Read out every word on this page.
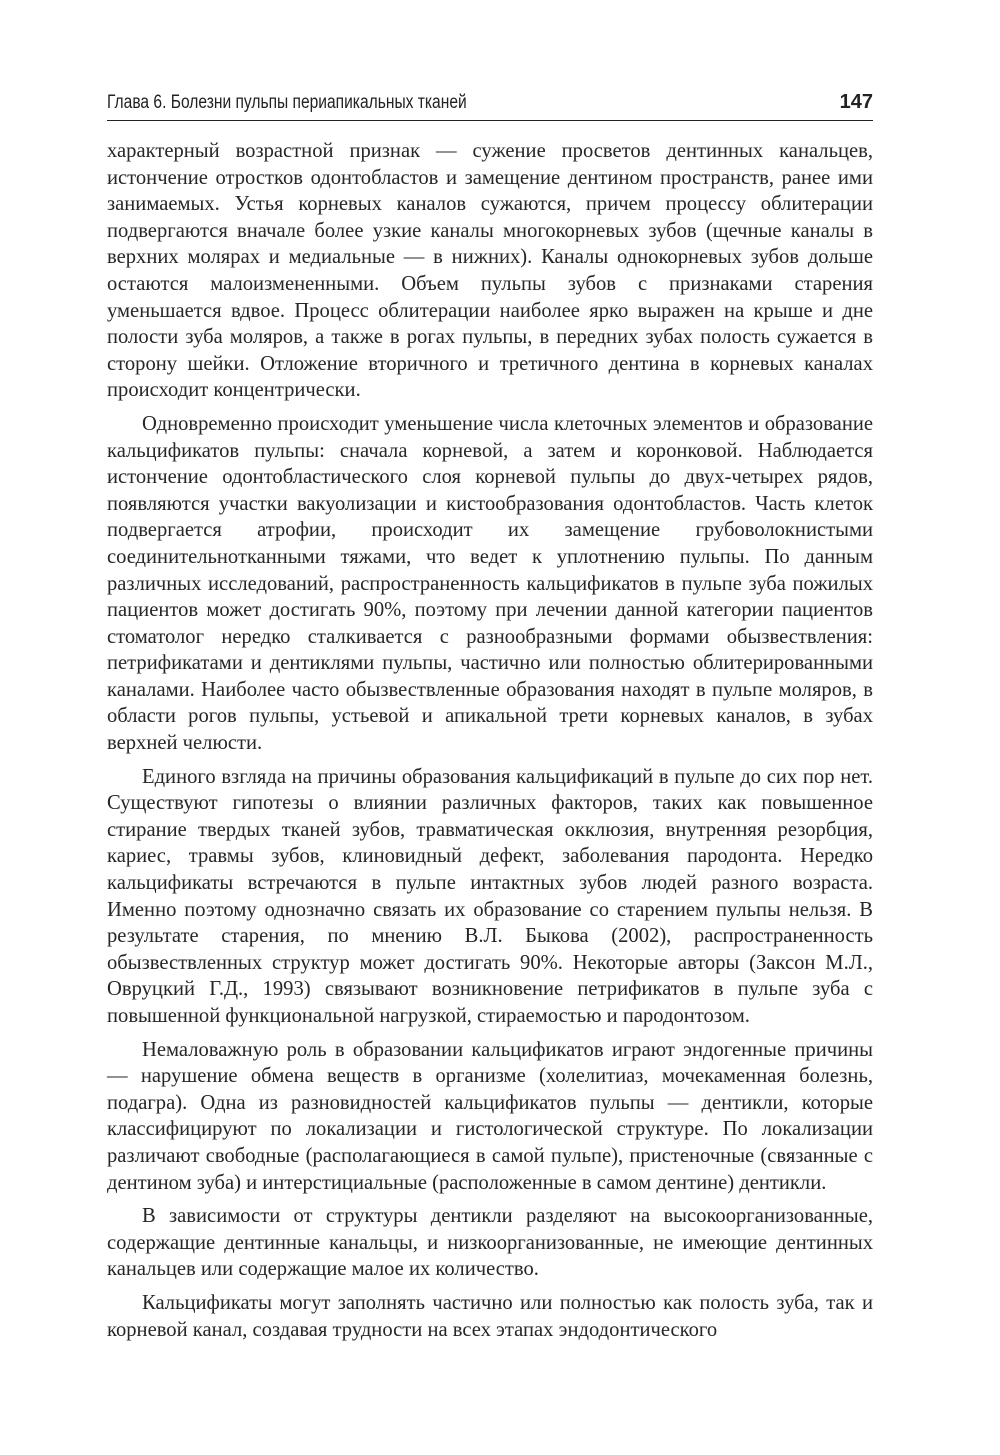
Глава 6. Болезни пульпы периапикальных тканей	147

характерный возрастной признак — сужение просветов дентинных канальцев, истончение отростков одонтобластов и замещение дентином пространств, ранее ими занимаемых. Устья корневых каналов сужаются, причем процессу облитерации подвергаются вначале более узкие каналы многокорневых зубов (щечные каналы в верхних молярах и медиальные — в нижних). Каналы однокорневых зубов дольше остаются малоизмененными. Объем пульпы зубов с признаками старения уменьшается вдвое. Процесс облитерации наиболее ярко выражен на крыше и дне полости зуба моляров, а также в рогах пульпы, в передних зубах полость сужается в сторону шейки. Отложение вторичного и третичного дентина в корневых каналах происходит концентрически.

Одновременно происходит уменьшение числа клеточных элементов и образование кальцификатов пульпы: сначала корневой, а затем и коронковой. Наблюдается истончение одонтобластического слоя корневой пульпы до двух-четырех рядов, появляются участки вакуолизации и кистообразования одонтобластов. Часть клеток подвергается атрофии, происходит их замещение грубоволокнистыми соединительнотканными тяжами, что ведет к уплотнению пульпы. По данным различных исследований, распространенность кальцификатов в пульпе зуба пожилых пациентов может достигать 90%, поэтому при лечении данной категории пациентов стоматолог нередко сталкивается с разнообразными формами обызвествления: петрификатами и дентиклями пульпы, частично или полностью облитерированными каналами. Наиболее часто обызвествленные образования находят в пульпе моляров, в области рогов пульпы, устьевой и апикальной трети корневых каналов, в зубах верхней челюсти.

Единого взгляда на причины образования кальцификаций в пульпе до сих пор нет. Существуют гипотезы о влиянии различных факторов, таких как повышенное стирание твердых тканей зубов, травматическая окклюзия, внутренняя резорбция, кариес, травмы зубов, клиновидный дефект, заболевания пародонта. Нередко кальцификаты встречаются в пульпе интактных зубов людей разного возраста. Именно поэтому однозначно связать их образование со старением пульпы нельзя. В результате старения, по мнению В.Л. Быкова (2002), распространенность обызвествленных структур может достигать 90%. Некоторые авторы (Заксон М.Л., Овруцкий Г.Д., 1993) связывают возникновение петрификатов в пульпе зуба с повышенной функциональной нагрузкой, стираемостью и пародонтозом.

Немаловажную роль в образовании кальцификатов играют эндогенные причины — нарушение обмена веществ в организме (холелитиаз, мочекаменная болезнь, подагра). Одна из разновидностей кальцификатов пульпы — дентикли, которые классифицируют по локализации и гистологической структуре. По локализации различают свободные (располагающиеся в самой пульпе), пристеночные (связанные с дентином зуба) и интерстициальные (расположенные в самом дентине) дентикли.

В зависимости от структуры дентикли разделяют на высокоорганизованные, содержащие дентинные канальцы, и низкоорганизованные, не имеющие дентинных канальцев или содержащие малое их количество.

Кальцификаты могут заполнять частично или полностью как полость зуба, так и корневой канал, создавая трудности на всех этапах эндодонтического
